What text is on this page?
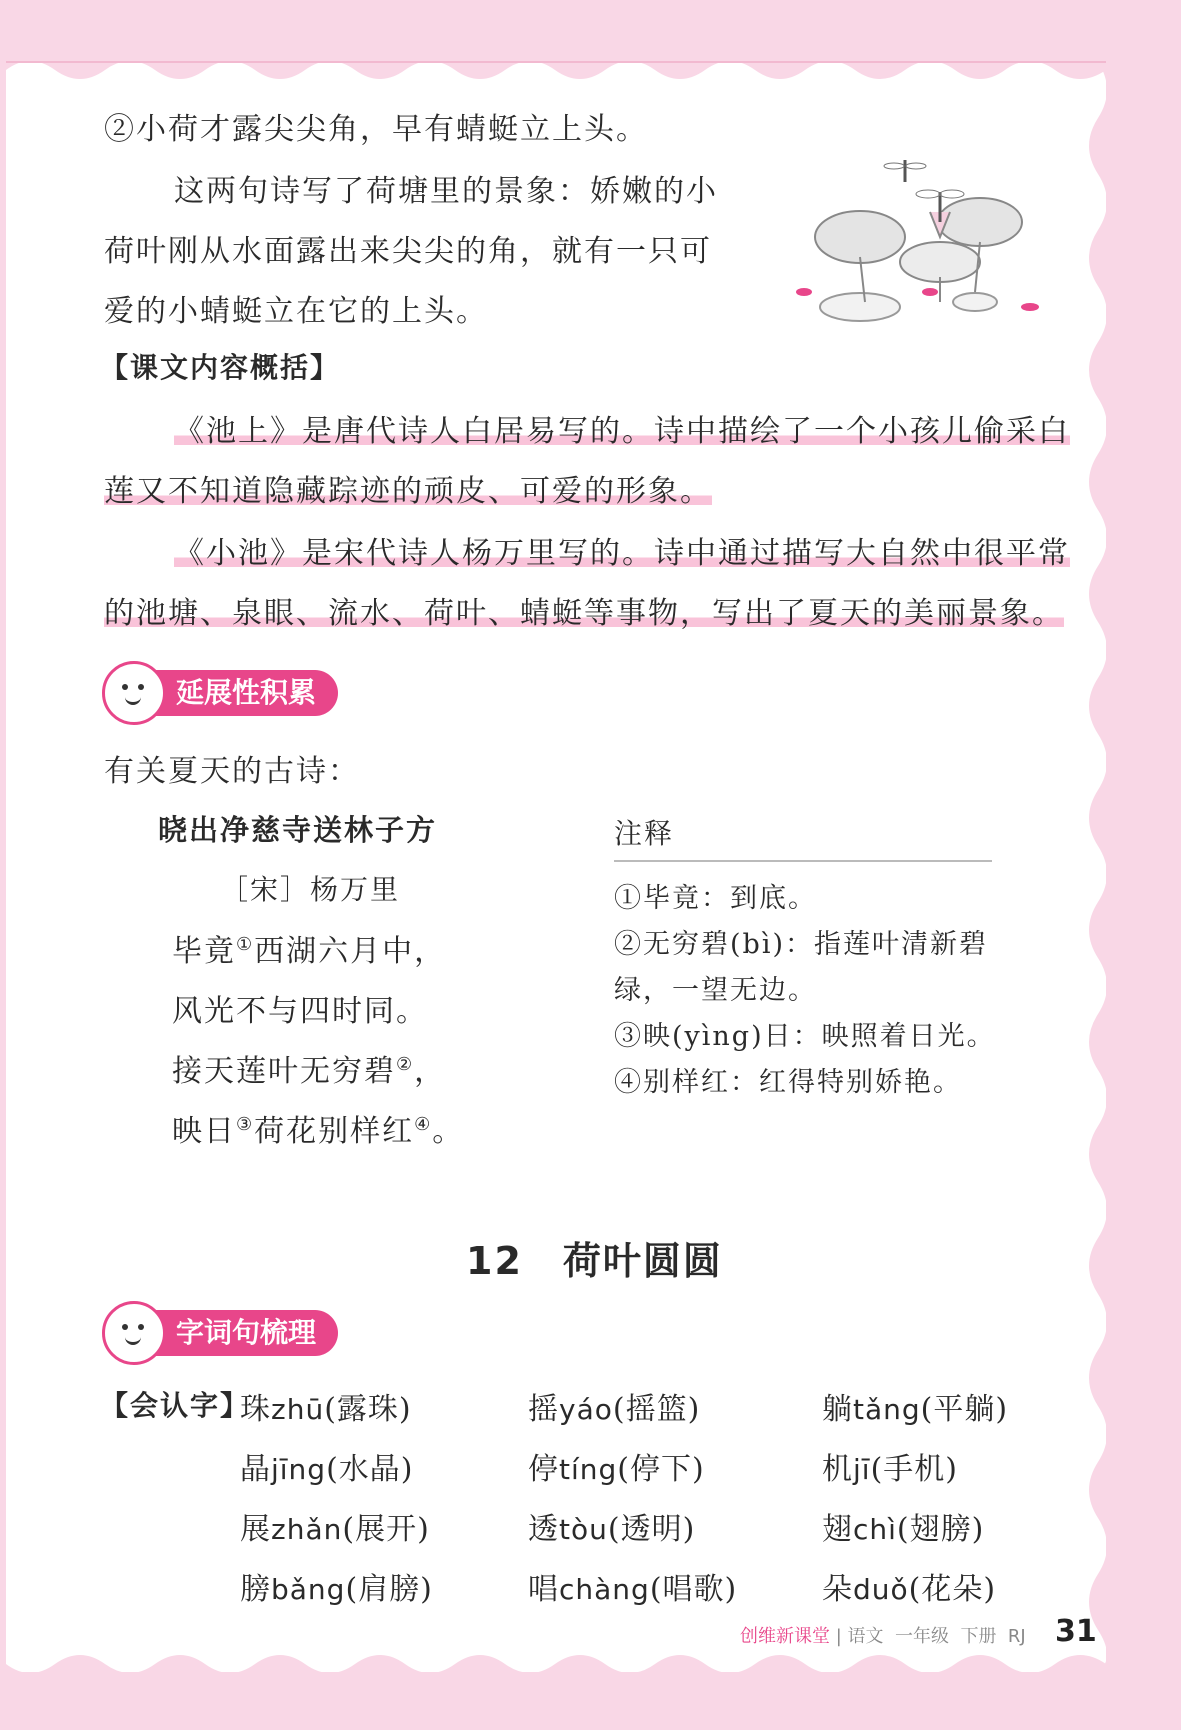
②小荷才露尖尖角，早有蜻蜓立上头。
这两句诗写了荷塘里的景象：娇嫩的小
荷叶刚从水面露出来尖尖的角，就有一只可
爱的小蜻蜓立在它的上头。
【课文内容概括】
《池上》是唐代诗人白居易写的。诗中描绘了一个小孩儿偷采白
莲又不知道隐藏踪迹的顽皮、可爱的形象。
《小池》是宋代诗人杨万里写的。诗中通过描写大自然中很平常
的池塘、泉眼、流水、荷叶、蜻蜓等事物，写出了夏天的美丽景象。
延展性积累
有关夏天的古诗：
晓出净慈寺送林子方
［宋］杨万里
毕竟①西湖六月中，
风光不与四时同。
接天莲叶无穷碧②，
映日③荷花别样红④。
注释
①毕竟：到底。
②无穷碧(bì)：指莲叶清新碧
绿，一望无边。
③映(yìng)日：映照着日光。
④别样红：红得特别娇艳。
12 荷叶圆圆
字词句梳理
【会认字】
珠zhū(露珠)	摇yáo(摇篮)	躺tǎng(平躺)
晶jīng(水晶)	停tíng(停下)	机jī(手机)
展zhǎn(展开)	透tòu(透明)	翅chì(翅膀)
膀bǎng(肩膀)	唱chàng(唱歌)	朵duǒ(花朵)
创维新课堂 | 语文 一年级 下册 RJ 31
